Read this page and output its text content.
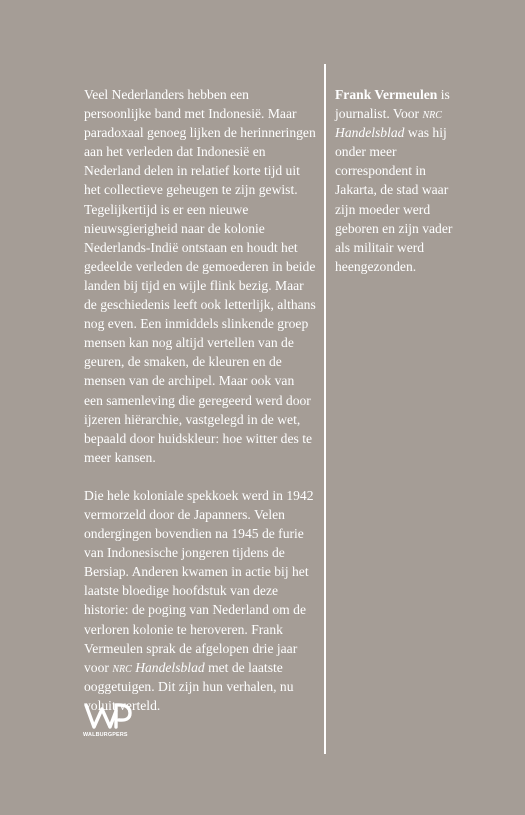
Veel Nederlanders hebben een persoonlijke band met Indonesië. Maar paradoxaal genoeg lijken de herinneringen aan het verleden dat Indonesië en Nederland delen in relatief korte tijd uit het collectieve geheugen te zijn gewist. Tegelijkertijd is er een nieuwe nieuwsgierigheid naar de kolonie Nederlands-Indië ontstaan en houdt het gedeelde verleden de gemoederen in beide landen bij tijd en wijle flink bezig. Maar de geschiedenis leeft ook letterlijk, althans nog even. Een inmiddels slinkende groep mensen kan nog altijd vertellen van de geuren, de smaken, de kleuren en de mensen van de archipel. Maar ook van een samenleving die geregeerd werd door ijzeren hiërarchie, vastgelegd in de wet, bepaald door huidskleur: hoe witter des te meer kansen.

Die hele koloniale spekkoek werd in 1942 vermorzeld door de Japanners. Velen ondergingen bovendien na 1945 de furie van Indonesische jongeren tijdens de Bersiap. Anderen kwamen in actie bij het laatste bloedige hoofdstuk van deze historie: de poging van Nederland om de verloren kolonie te heroveren. Frank Vermeulen sprak de afgelopen drie jaar voor nrc Handelsblad met de laatste ooggetuigen. Dit zijn hun verhalen, nu voluit verteld.

Frank Vermeulen is journalist. Voor nrc Handelsblad was hij onder meer correspondent in Jakarta, de stad waar zijn moeder werd geboren en zijn vader als militair werd heengezonden.
WALBURGPERS
